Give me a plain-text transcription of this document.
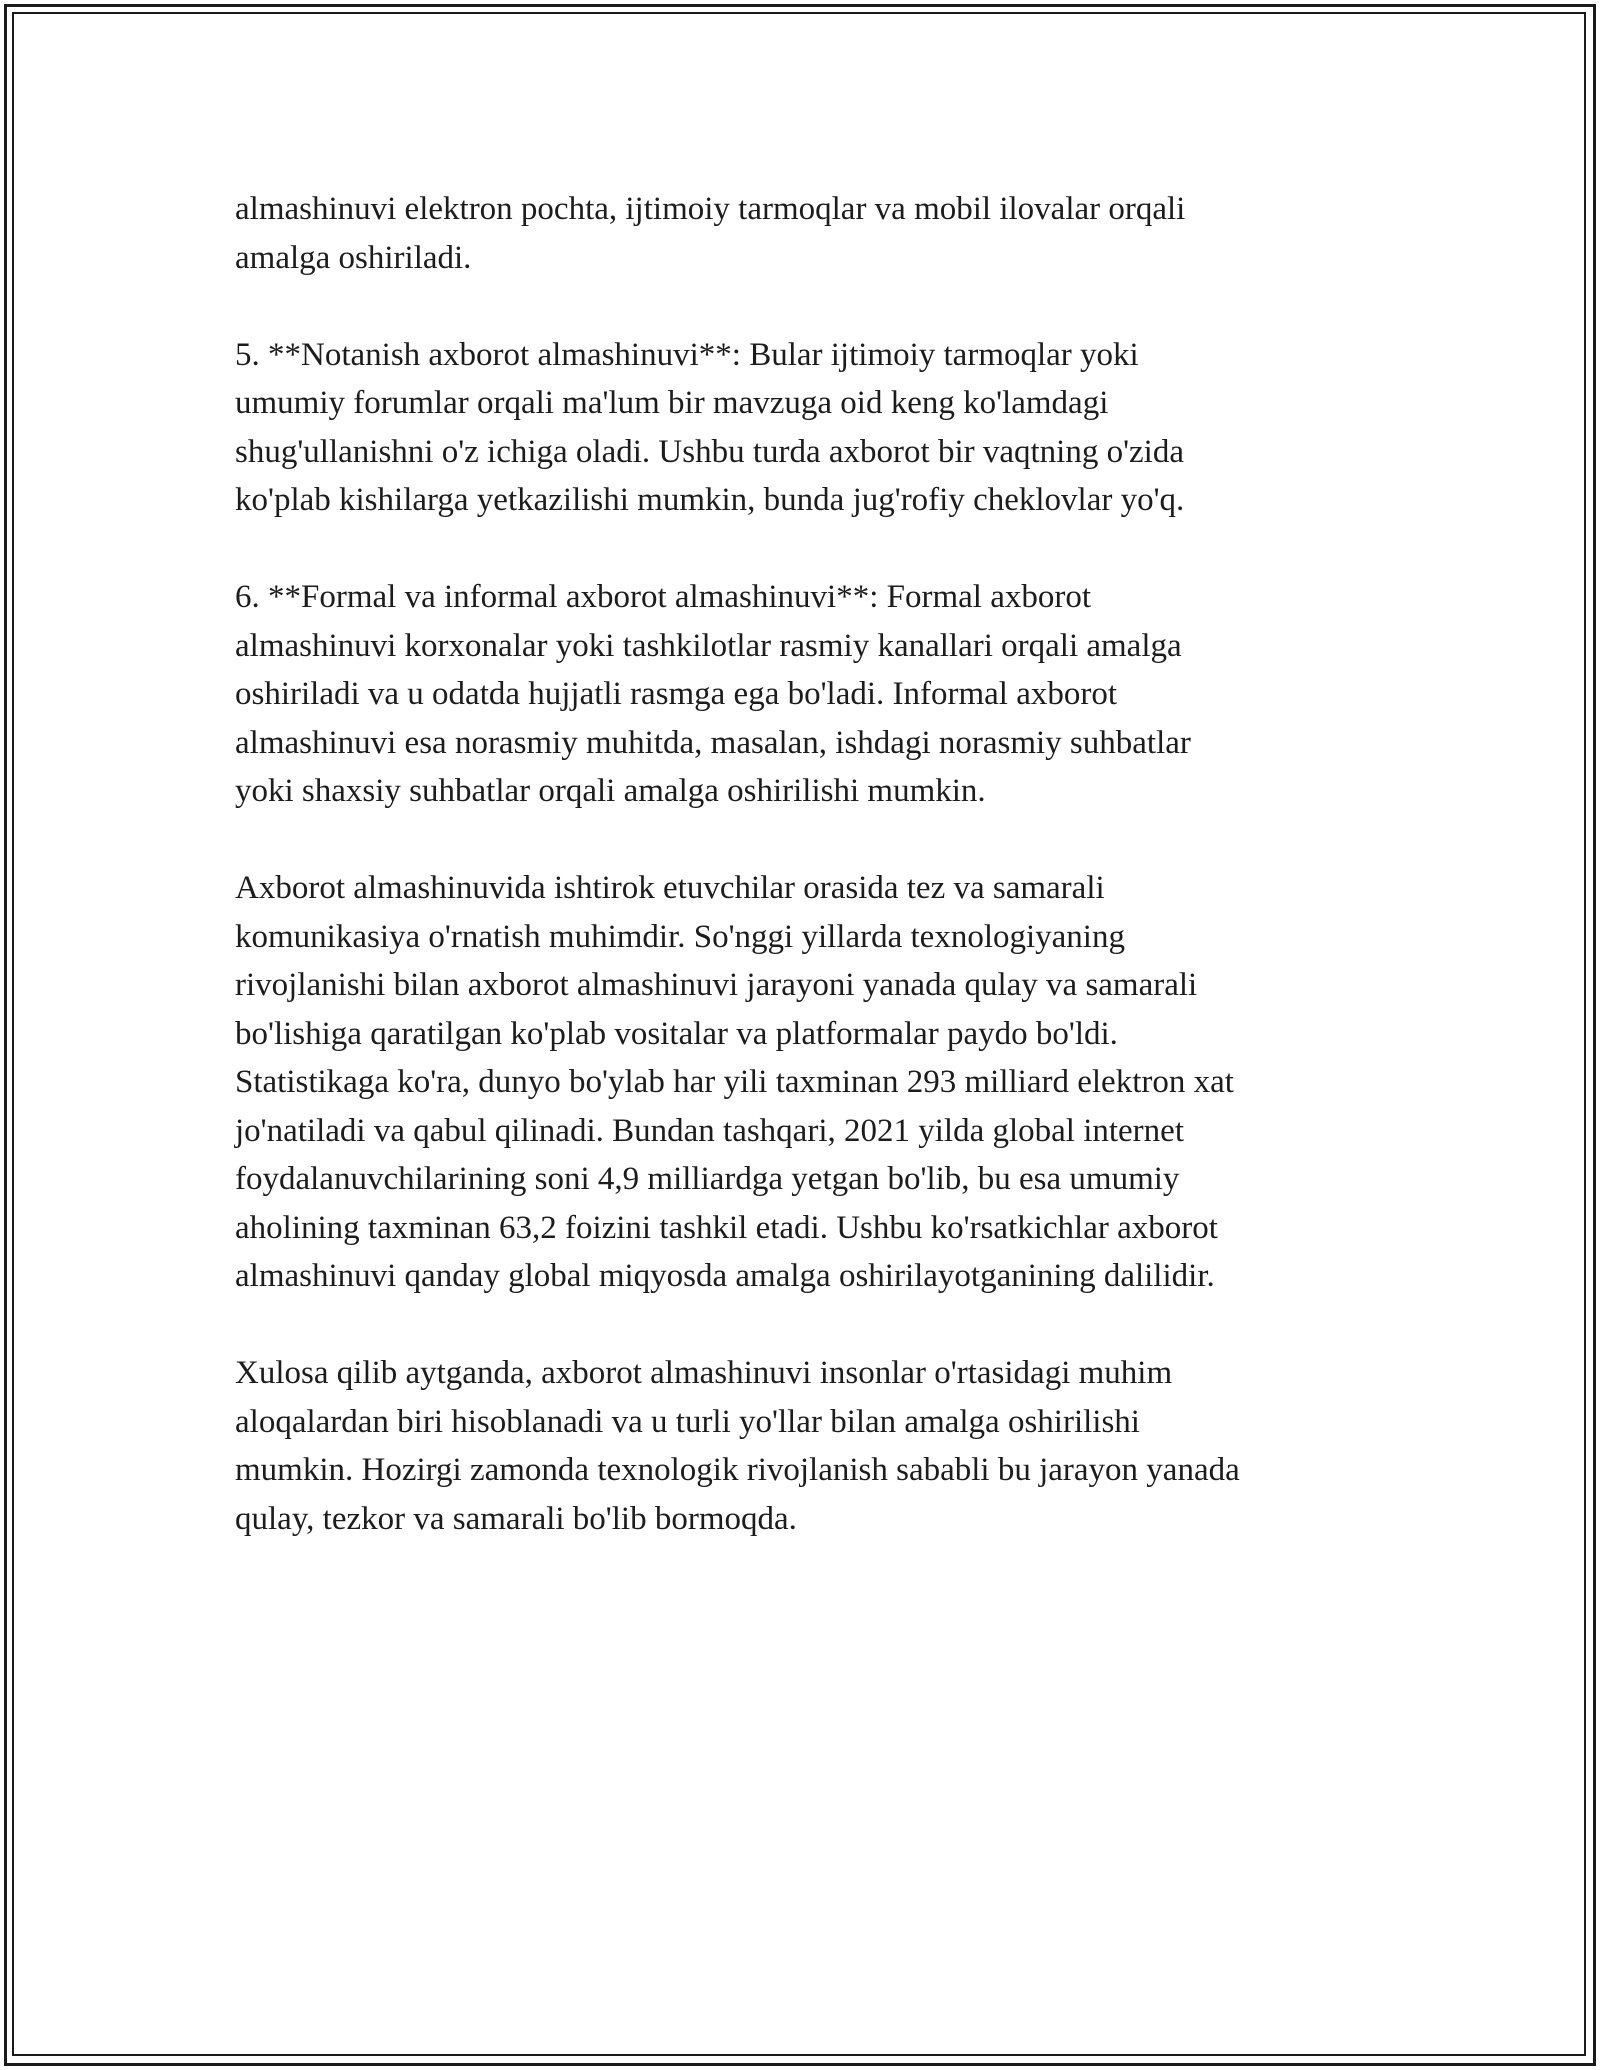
almashinuvi elektron pochta, ijtimoiy tarmoqlar va mobil ilovalar orqali
amalga oshiriladi.

5. **Notanish axborot almashinuvi**: Bular ijtimoiy tarmoqlar yoki
umumiy forumlar orqali ma'lum bir mavzuga oid keng ko'lamdagi
shug'ullanishni o'z ichiga oladi. Ushbu turda axborot bir vaqtning o'zida
ko'plab kishilarga yetkazilishi mumkin, bunda jug'rofiy cheklovlar yo'q.

6. **Formal va informal axborot almashinuvi**: Formal axborot
almashinuvi korxonalar yoki tashkilotlar rasmiy kanallari orqali amalga
oshiriladi va u odatda hujjatli rasmga ega bo'ladi. Informal axborot
almashinuvi esa norasmiy muhitda, masalan, ishdagi norasmiy suhbatlar
yoki shaxsiy suhbatlar orqali amalga oshirilishi mumkin.

Axborot almashinuvida ishtirok etuvchilar orasida tez va samarali
komunikasiya o'rnatish muhimdir. So'nggi yillarda texnologiyaning
rivojlanishi bilan axborot almashinuvi jarayoni yanada qulay va samarali
bo'lishiga qaratilgan ko'plab vositalar va platformalar paydo bo'ldi.
Statistikaga ko'ra, dunyo bo'ylab har yili taxminan 293 milliard elektron xat
jo'natiladi va qabul qilinadi. Bundan tashqari, 2021 yilda global internet
foydalanuvchilarining soni 4,9 milliardga yetgan bo'lib, bu esa umumiy
aholining taxminan 63,2 foizini tashkil etadi. Ushbu ko'rsatkichlar axborot
almashinuvi qanday global miqyosda amalga oshirilayotganining dalilidir.

Xulosa qilib aytganda, axborot almashinuvi insonlar o'rtasidagi muhim
aloqalardan biri hisoblanadi va u turli yo'llar bilan amalga oshirilishi
mumkin. Hozirgi zamonda texnologik rivojlanish sababli bu jarayon yanada
qulay, tezkor va samarali bo'lib bormoqda.
